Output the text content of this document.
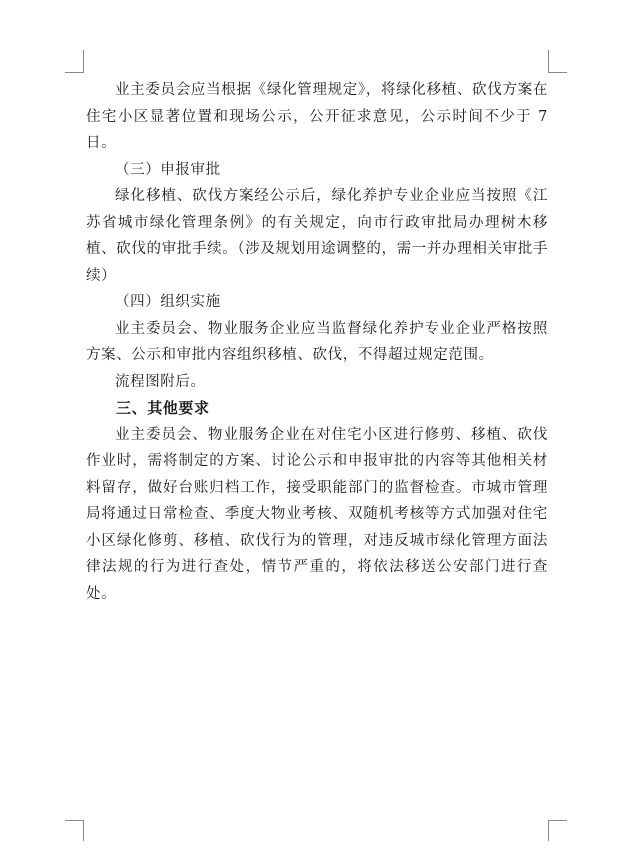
业主委员会应当根据《绿化管理规定》，将绿化移植、砍伐方案在住宅小区显著位置和现场公示，公开征求意见，公示时间不少于 7 日。

（三）申报审批

绿化移植、砍伐方案经公示后，绿化养护专业企业应当按照《江苏省城市绿化管理条例》的有关规定，向市行政审批局办理树木移植、砍伐的审批手续。（涉及规划用途调整的，需一并办理相关审批手续）

（四）组织实施

业主委员会、物业服务企业应当监督绿化养护专业企业严格按照方案、公示和审批内容组织移植、砍伐，不得超过规定范围。

流程图附后。

三、其他要求

业主委员会、物业服务企业在对住宅小区进行修剪、移植、砍伐作业时，需将制定的方案、讨论公示和申报审批的内容等其他相关材料留存，做好台账归档工作，接受职能部门的监督检查。市城市管理局将通过日常检查、季度大物业考核、双随机考核等方式加强对住宅小区绿化修剪、移植、砍伐行为的管理，对违反城市绿化管理方面法律法规的行为进行查处，情节严重的，将依法移送公安部门进行查处。
